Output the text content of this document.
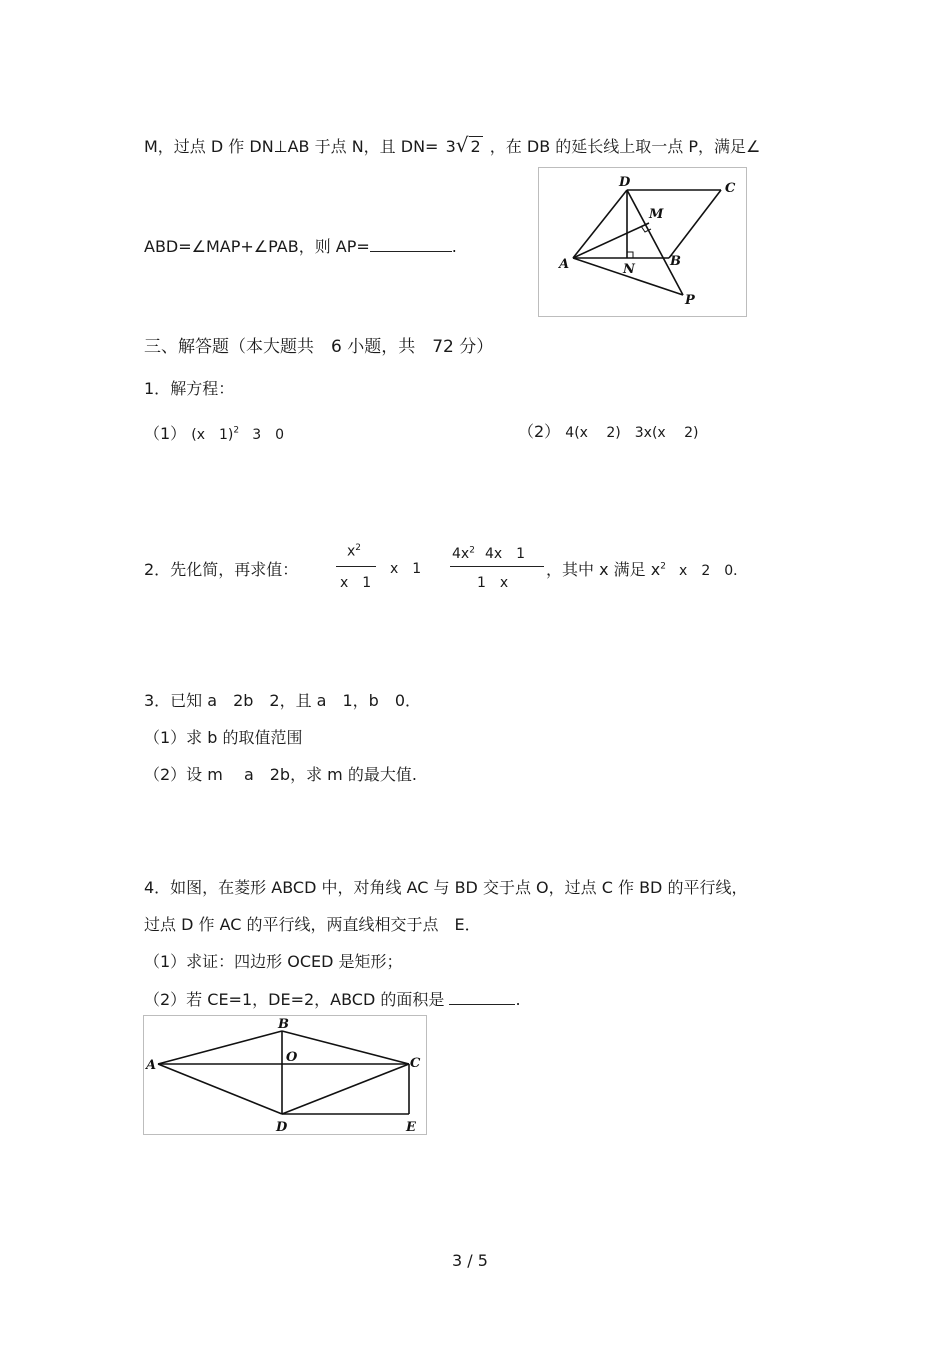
M，过点 D 作 DN⊥AB 于点 N，且 DN= 3√ 2 ，在 DB 的延长线上取一点 P，满足∠
ABD=∠MAP+∠PAB，则 AP=	.
D	C
M
A	N
B
P
三、解答题（本大题共　6 小题，共　72 分）
1．解方程：
（1） (x　1)$^2$ 3　0	（2） 4(x　 2)　3x(x　 2)
2．先化简，再求值：
$x^2$
x　1
x　1
$4x^2$ 4x　1
1　x
，其中 x 满足 $x^2$ x　2　0．
3．已知 a　2b　2，且 a　1，b　0．
（1）求 b 的取值范围
（2）设 m　 a　2b，求 m 的最大值.
4．如图，在菱形 ABCD 中，对角线 AC 与 BD 交于点 O，过点 C 作 BD 的平行线，
过点 D 作 AC 的平行线，两直线相交于点　E．
（1）求证：四边形 OCED 是矩形；
（2）若 CE=1，DE=2，ABCD 的面积是	.
B
A
O	C
D	E
3 / 5
